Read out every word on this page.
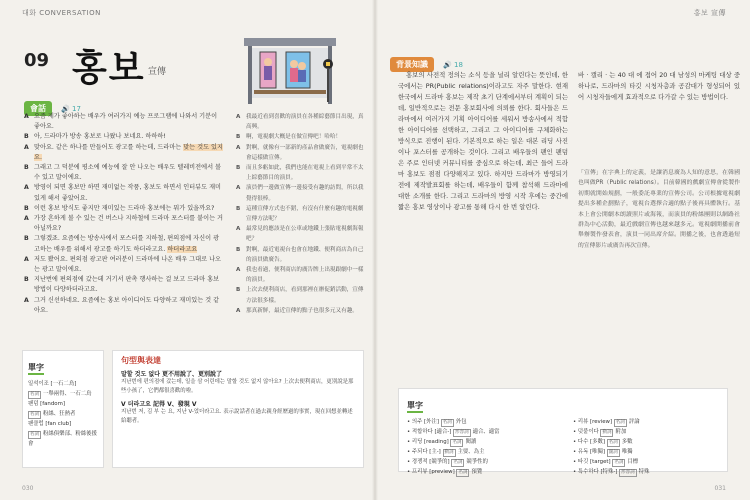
대화 CONVERSATION
09 홍보 宣傳
會話 🔊 17
A 요즘 제가 좋아하는 배우가 여러가지 예능 프로그램에 나와서 기분이 좋아요.
B 아, 드라마가 방송 홍보로 나왔나 보네요. 하하하!
A 맞아요. 같은 하나를 만들어도 광고를 하는데, 드라마는 맞는 것도 있지요.
B 그래고 그 덕분에 평소에 예능에 잘 안 나오는 배우도 텔레비전에서 볼 수 있고 말이에요.
A 방영이 되면 홍보만 하면 재미없는 작품, 홍보도 하면서 인터뷰도 재미있게 해서 좋았어요.
B 이런 홍보 방식도 좋지만 재미있는 드라마 홍보에는 뭐가 있을까요?
A 가장 흔하게 볼 수 있는 건 버스나 지하철에 드라마 포스터를 붙이는 거 아닐까요?
B 그렇겠죠. 요즘에는 방송사에서 포스터를 지하철, 편의점에 자신이 광고하는 배우를 위해서 광고를 하기도 하더라고요. 하더라고요
A 저도 봤어요. 편의점 광고판 여러분이 드라마에 나온 배우 그대로 나오는 광고 말이에요.
B 지난번에 편의점에 갔는데 거기서 판촉 행사하는 걸 보고 드라마 홍보 방법이 다양하더라고요.
A 그거 신선하네요. 요즘에는 홍보 아이디어도 다양하고 재미있는 것 같아요.
A	我最近看到喜歡的演員在各種綜藝節目出現，真高興。
B	啊，電視劇大概是在做宣傳吧！哈哈！
A	對啊，就像有一部新的產品會做廣告，電視劇也會這樣做宣傳。
B	而且多虧如此，我們也能在電視上看到平常不太上綜藝節目的演員。
A	演員們一邊做宣傳一邊接受有趣的訪問，所以我覺得很棒。
B	這種宣傳方式也不錯，有沒有什麼有趣的電視劇宣傳方法呢？
A	最常見的應該是在公車或地鐵上張貼電視劇海報吧？
B	對啊，最近電視台也會在地鐵、便利商店為自己的演員做廣告。
A	我也看過，便利商店的廣告牌上出現跟劇中一樣的演員。
B	上次去便利商店，看到那裡在辦促銷活動，宣傳方法很多樣。
A	那真新鮮，最近宣傳的點子也很多元又有趣。
單字
일석이조 [一石二鳥]
名詞 一舉兩得、一石二鳥
팬덤 [fandom]
名詞 粉絲、狂熱者
팬클럽 [fan club]
名詞 粉絲俱樂部、粉絲後援會
句型與表達
말할 것도 없다 更不用說了、更別說了
지난번에 편의점에 갔는데, 일을 삼 어린데는 말할 것도 없지 않아요? 上次去便利商店，更別說是那些小孩了，它們都很喜歡的啦。
V 더라고요 記得 V、發現 V
지난번 저, 김 부 는 요, 지난 V-었더라고요. 表示說話者在過去親身經歷過的事實，現在回想並轉述給聽者。
030
홍보 宣傳
背景知識 🔊 18
홍보의 사전적 정의는 소식 등을 널리 알린다는 뜻인데, 한국에서는 PR(Public relations)이라고도 자주 말한다. 현재 한국에서 드라마 홍보는 제작 초기 단계에서부터 계획이 되는데, 일반적으로는 전문 홍보회사에 의뢰를 한다. 회사들은 드라마에서 여러가지 기획 아이디어를 세워서 방송사에서 적합한 아이디어를 선택하고, 그리고 그 아이디어를 구체화하는 방식으로 진행이 된다. 기본적으로 하는 일은 대본 리딩 사진이나 포스터를 공개하는 것이다. 그리고 배우들의 팬인 팬덤은 주로 인터넷 커뮤니티를 중심으로 하는데, 최근 들어 드라마 홍보도 점점 다양해지고 있다. 하지만 드라마가 방영되기 전에 제작발표회를 하는데, 배우들이 함께 참석해 드라마에 대한 소개를 한다. 그리고 드라마의 방영 시작 후에는 중간에 짧은 홍보 영상이나 광고를 통해 다시 한 번 알린다.
바 · 캘리 · 는 40 대 에 접어 20 대 남성의 마케팅 대상 중 하나로, 드라마의 타깃 시청자층과 공감대가 형성되어 있어 시청자들에게 효과적으로 다가갈 수 있는 방법이다.
「宣傳」在字典上的定義，是讓消息廣為人知的意思，在韓國也叫做PR（Public relations）。目前韓國的戲劇宣傳會從製作初期就開始規劃，一般委託專業的宣傳公司。公司根據電視劇提出多種企劃點子，電視台選擇合適的點子後再具體執行。基本上會公開劇本朗讀照片或海報，而演員的粉絲團則以網路社群為中心活動，最近戲劇宣傳也越來越多元。電視劇開播前會舉辦製作發表會，演員一同出席介紹。開播之後，也會透過短的宣傳影片或廣告再次宣傳。
031
單字
• 의주 [外注] 名詞 外包
• 적합하다 [適合-] 形容詞 適合、適當
• 리딩 [reading] 名詞 閱讀
• 주되다 [主-] 動詞 主要、為主
• 경쟁적 [競爭的] 名詞 競爭性的
• 프리뷰 [preview] 名詞 預覽
• 리뷰 [review] 名詞 評論
• 덧붙이다 動詞 附加
• 다수 [多數] 名詞 多數
• 유독 [唯獨] 副詞 唯獨
• 타깃 [target] 名詞 目標
• 특수하다 [特殊-] 形容詞 特殊
